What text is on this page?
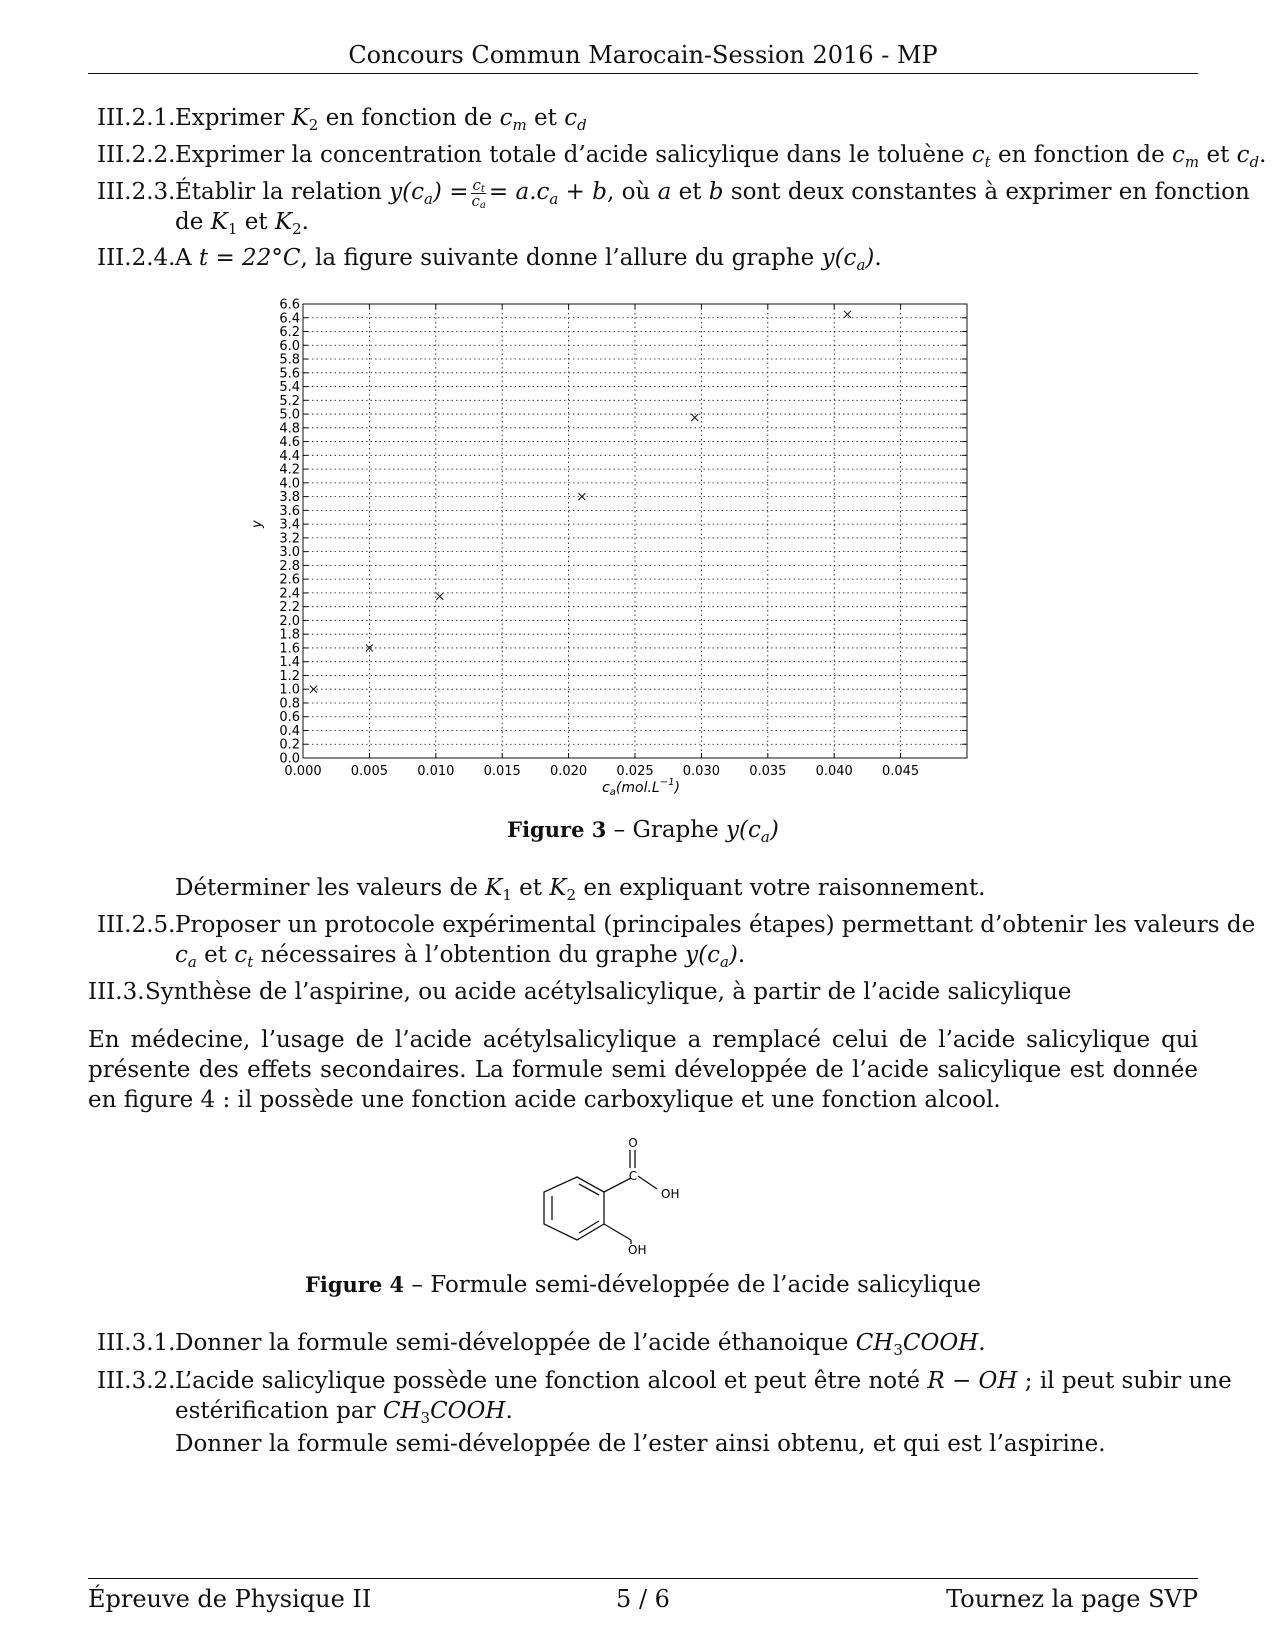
Concours Commun Marocain-Session 2016 - MP
III.2.1. Exprimer $K_2$ en fonction de $c_m$ et $c_d$
III.2.2. Exprimer la concentration totale d’acide salicylique dans le toluène $c_t$ en fonction de $c_m$ et $c_d$.
III.2.3. Établir la relation $y(c_a) = \frac{c_t}{c_a} = a.c_a + b$, où a et b sont deux constantes à exprimer en fonction
de $K_1$ et $K_2$.
III.2.4. A t = 22°C, la figure suivante donne l’allure du graphe $y(c_a)$.
0.000 0.005 0.010 0.015 0.020 0.025 0.030 0.035 0.040 0.045
0.0
0.2
0.4
0.6
0.8
1.0
1.2
1.4
1.6
1.8
2.0
2.2
2.4
2.6
2.8
3.0
3.2
3.4
3.6
3.8
4.0
4.2
4.4
4.6
4.8
5.0
5.2
5.4
5.6
5.8
6.0
6.2
6.4
6.6
$c_a(mol.L^{-1})$
y
Figure 3 – Graphe $y(c_a)$
Déterminer les valeurs de $K_1$ et $K_2$ en expliquant votre raisonnement.
III.2.5. Proposer un protocole expérimental (principales étapes) permettant d’obtenir les valeurs de
$c_a$ et $c_t$ nécessaires à l’obtention du graphe $y(c_a)$.
III.3. Synthèse de l’aspirine, ou acide acétylsalicylique, à partir de l’acide salicylique
En médecine, l’usage de l’acide acétylsalicylique a remplacé celui de l’acide salicylique qui présente des effets secondaires. La formule semi développée de l’acide salicylique est donnée en figure 4 : il possède une fonction acide carboxylique et une fonction alcool.
O
C
OH
OH
Figure 4 – Formule semi-développée de l’acide salicylique
III.3.1. Donner la formule semi-développée de l’acide éthanoique $CH_3COOH$.
III.3.2. L’acide salicylique possède une fonction alcool et peut être noté R − OH ; il peut subir une
estérification par $CH_3COOH$.
Donner la formule semi-développée de l’ester ainsi obtenu, et qui est l’aspirine.
Épreuve de Physique II	5 / 6	Tournez la page SVP
